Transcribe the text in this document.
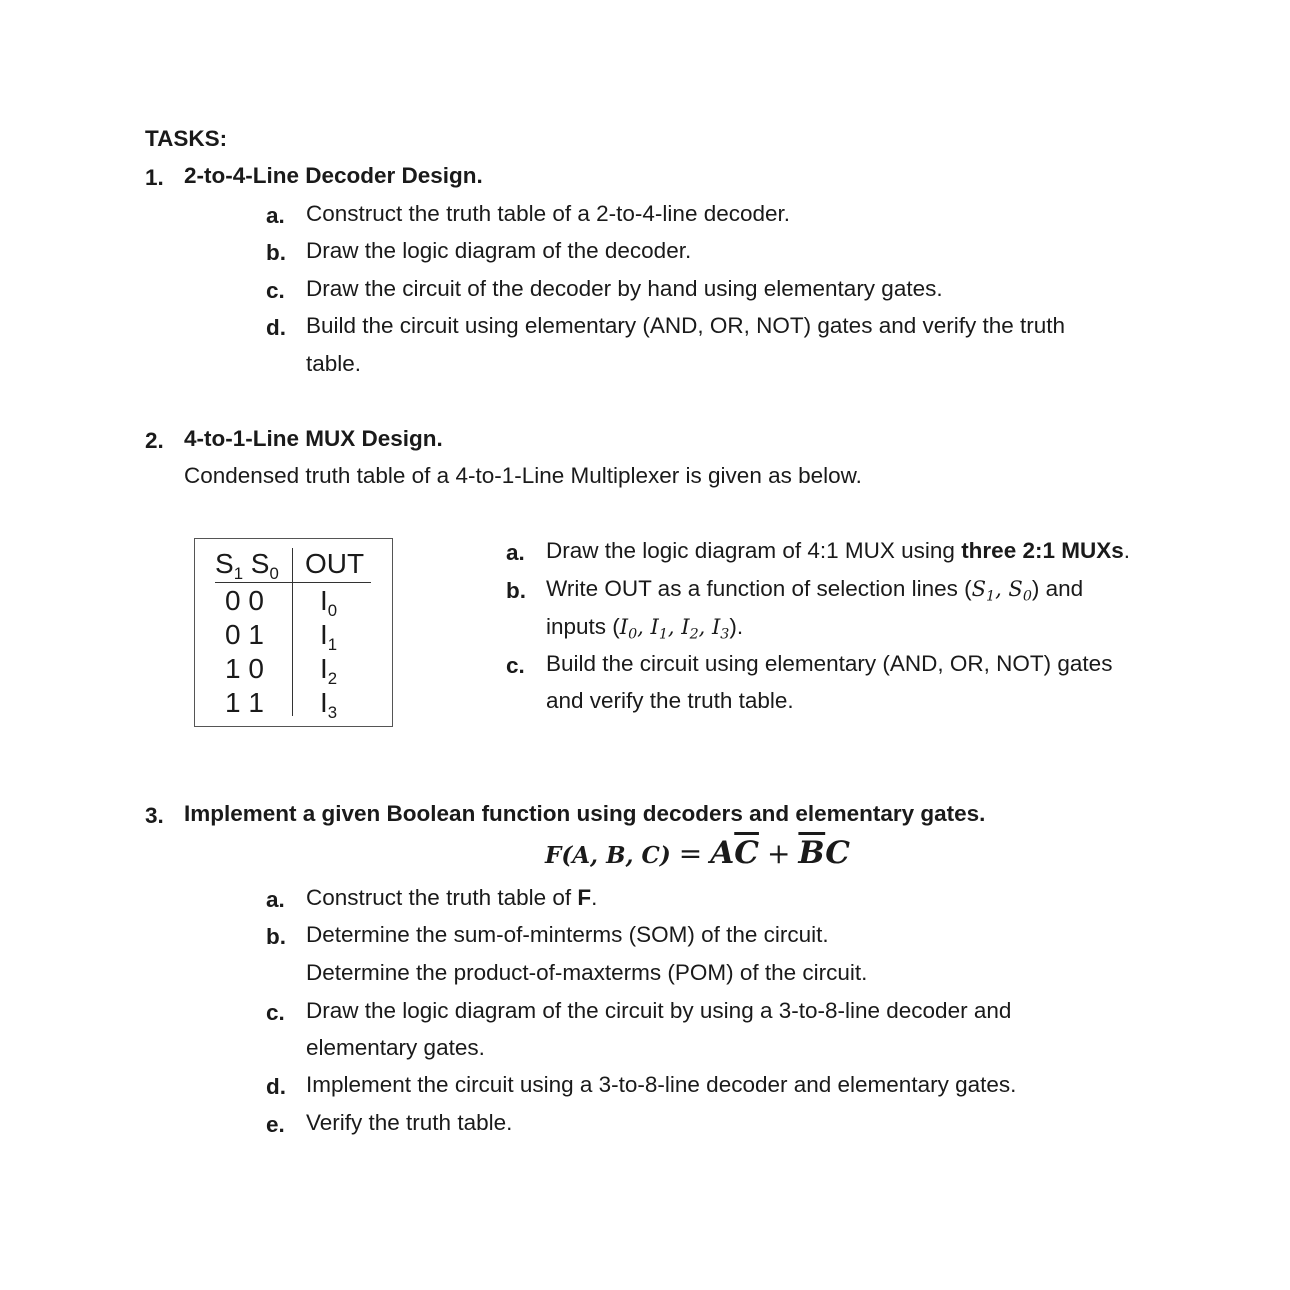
TASKS:
1. 2-to-4-Line Decoder Design.
a. Construct the truth table of a 2-to-4-line decoder.
b. Draw the logic diagram of the decoder.
c. Draw the circuit of the decoder by hand using elementary gates.
d. Build the circuit using elementary (AND, OR, NOT) gates and verify the truth
table.
2. 4-to-1-Line MUX Design.
Condensed truth table of a 4-to-1-Line Multiplexer is given as below.
$S_1$ $S_0$ OUT
0 0 $I_0$
0 1 $I_1$
1 0 $I_2$
1 1 $I_3$
a. Draw the logic diagram of 4:1 MUX using three 2:1 MUXs.
b. Write OUT as a function of selection lines ($S_1$, $S_0$) and
inputs ($I_0$, $I_1$, $I_2$, $I_3$).
c. Build the circuit using elementary (AND, OR, NOT) gates
and verify the truth table.
3. Implement a given Boolean function using decoders and elementary gates.
F(A, B, $C) = A\overline{C} + \overline{B}C$
a. Construct the truth table of F.
b. Determine the sum-of-minterms (SOM) of the circuit.
Determine the product-of-maxterms (POM) of the circuit.
c. Draw the logic diagram of the circuit by using a 3-to-8-line decoder and
elementary gates.
d. Implement the circuit using a 3-to-8-line decoder and elementary gates.
e. Verify the truth table.
